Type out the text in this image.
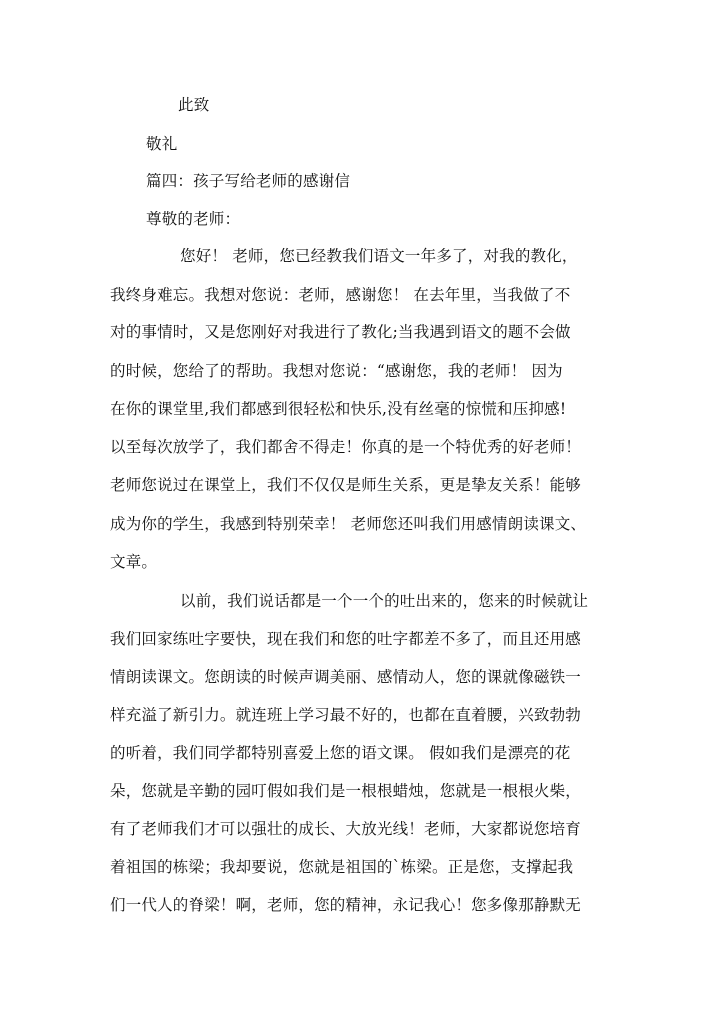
此致
敬礼
篇四：孩子写给老师的感谢信
尊敬的老师：
您好！ 老师，您已经教我们语文一年多了，对我的教化，
我终身难忘。我想对您说：老师，感谢您！ 在去年里，当我做了不
对的事情时，又是您刚好对我进行了教化;当我遇到语文的题不会做
的时候，您给了的帮助。我想对您说：“感谢您，我的老师！ 因为
在你的课堂里,我们都感到很轻松和快乐,没有丝毫的惊慌和压抑感!
以至每次放学了，我们都舍不得走！你真的是一个特优秀的好老师！
老师您说过在课堂上，我们不仅仅是师生关系，更是挚友关系！能够
成为你的学生，我感到特别荣幸！ 老师您还叫我们用感情朗读课文、
文章。
以前，我们说话都是一个一个的吐出来的，您来的时候就让
我们回家练吐字要快，现在我们和您的吐字都差不多了，而且还用感
情朗读课文。您朗读的时候声调美丽、感情动人，您的课就像磁铁一
样充溢了新引力。就连班上学习最不好的，也都在直着腰，兴致勃勃
的听着，我们同学都特别喜爱上您的语文课。 假如我们是漂亮的花
朵，您就是辛勤的园叮假如我们是一根根蜡烛，您就是一根根火柴，
有了老师我们才可以强壮的成长、大放光线！老师，大家都说您培育
着祖国的栋梁；我却要说，您就是祖国的`栋梁。正是您，支撑起我
们一代人的脊梁！啊，老师，您的精神，永记我心！您多像那静默无
